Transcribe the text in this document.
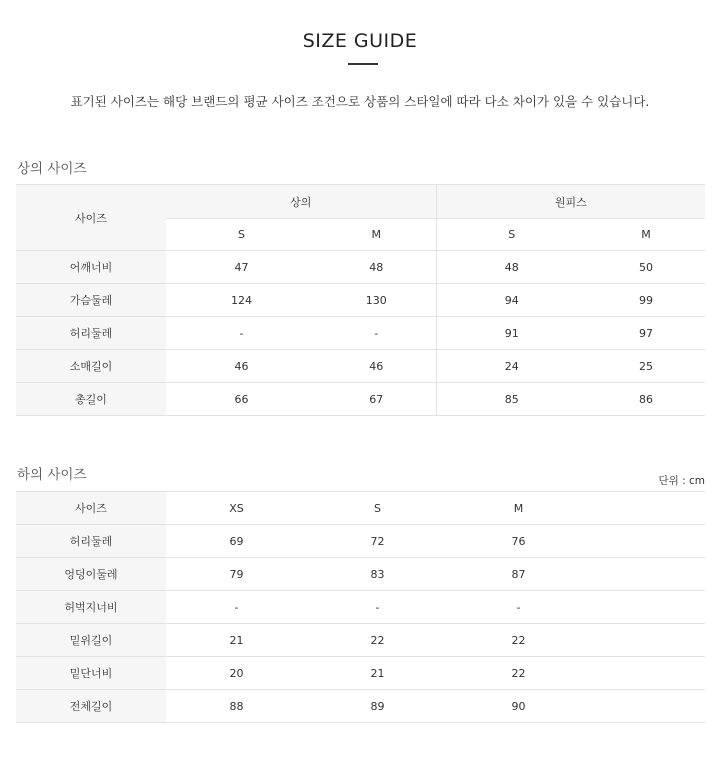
SIZE GUIDE
표기된 사이즈는 해당 브랜드의 평균 사이즈 조건으로 상품의 스타일에 따라 다소 차이가 있을 수 있습니다.
상의 사이즈
사이즈	상의		원피스	
	S	M	S	M
어깨너비	47	48	48	50
가슴둘레	124	130	94	99
허리둘레	-	-	91	97
소매길이	46	46	24	25
총길이	66	67	85	86
하의 사이즈	단위 : cm
사이즈	XS	S	M	
허리둘레	69	72	76	
엉덩이둘레	79	83	87	
허벅지너비	-	-	-	
밑위길이	21	22	22	
밑단너비	20	21	22	
전체길이	88	89	90	
